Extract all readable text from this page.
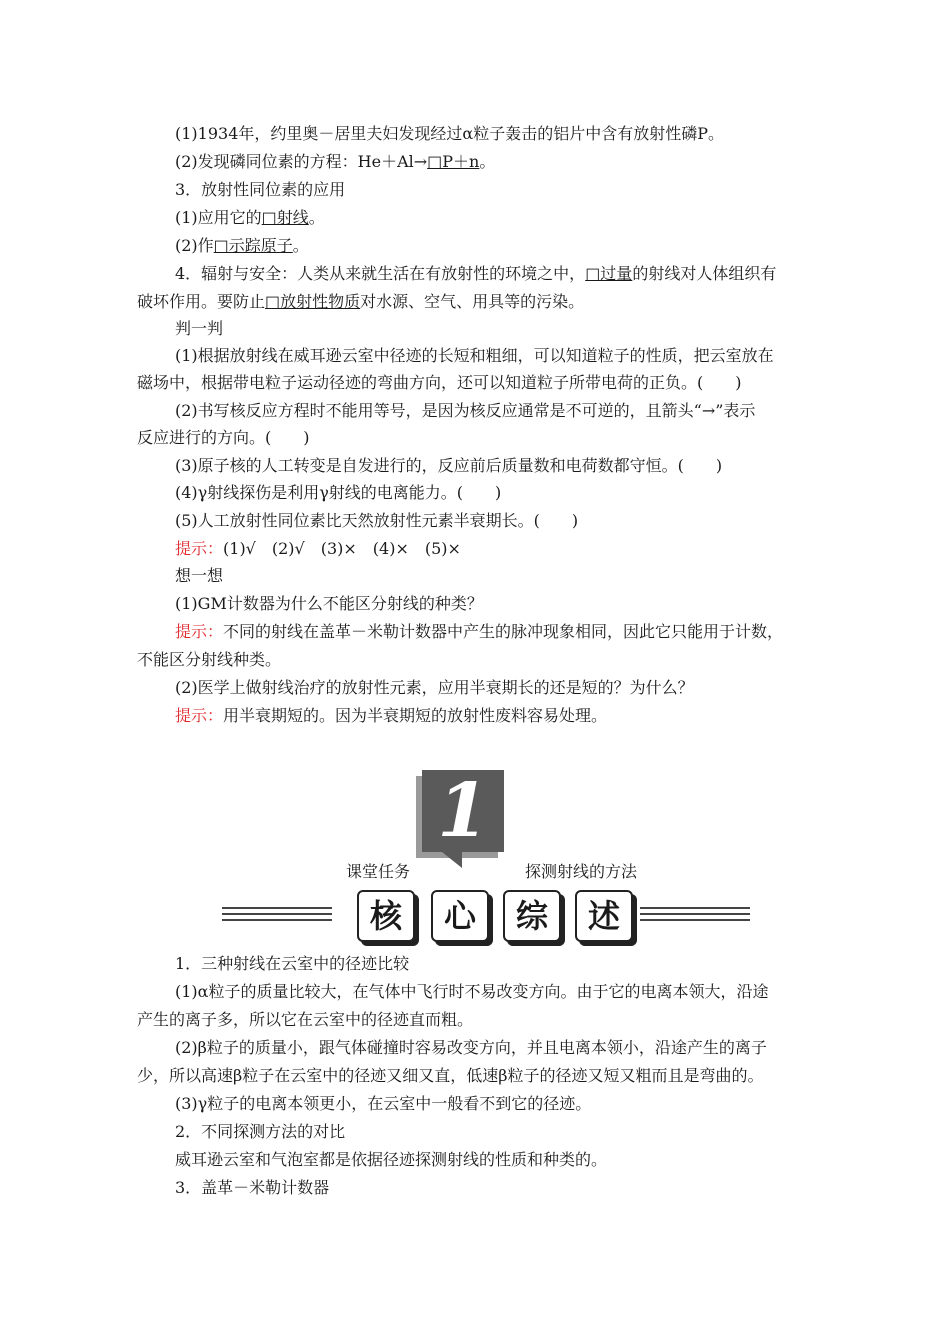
(1)1934年，约里奥－居里夫妇发现经过α粒子轰击的铝片中含有放射性磷P。
(2)发现磷同位素的方程：He＋Al→□P＋n。
3．放射性同位素的应用
(1)应用它的□射线。
(2)作□示踪原子。
4．辐射与安全：人类从来就生活在有放射性的环境之中，□过量的射线对人体组织有
破坏作用。要防止□放射性物质对水源、空气、用具等的污染。
判一判
(1)根据放射线在威耳逊云室中径迹的长短和粗细，可以知道粒子的性质，把云室放在
磁场中，根据带电粒子运动径迹的弯曲方向，还可以知道粒子所带电荷的正负。(　　)
(2)书写核反应方程时不能用等号，是因为核反应通常是不可逆的，且箭头“→”表示
反应进行的方向。(　　)
(3)原子核的人工转变是自发进行的，反应前后质量数和电荷数都守恒。(　　)
(4)γ射线探伤是利用γ射线的电离能力。(　　)
(5)人工放射性同位素比天然放射性元素半衰期长。(　　)
提示：(1)√　(2)√　(3)×　(4)×　(5)×
想一想
(1)GM计数器为什么不能区分射线的种类？
提示：不同的射线在盖革－米勒计数器中产生的脉冲现象相同，因此它只能用于计数，
不能区分射线种类。
(2)医学上做射线治疗的放射性元素，应用半衰期长的还是短的？为什么？
提示：用半衰期短的。因为半衰期短的放射性废料容易处理。
1
课堂任务	探测射线的方法
核	心	综	述
1．三种射线在云室中的径迹比较
(1)α粒子的质量比较大，在气体中飞行时不易改变方向。由于它的电离本领大，沿途
产生的离子多，所以它在云室中的径迹直而粗。
(2)β粒子的质量小，跟气体碰撞时容易改变方向，并且电离本领小，沿途产生的离子
少，所以高速β粒子在云室中的径迹又细又直，低速β粒子的径迹又短又粗而且是弯曲的。
(3)γ粒子的电离本领更小，在云室中一般看不到它的径迹。
2．不同探测方法的对比
威耳逊云室和气泡室都是依据径迹探测射线的性质和种类的。
3．盖革－米勒计数器
